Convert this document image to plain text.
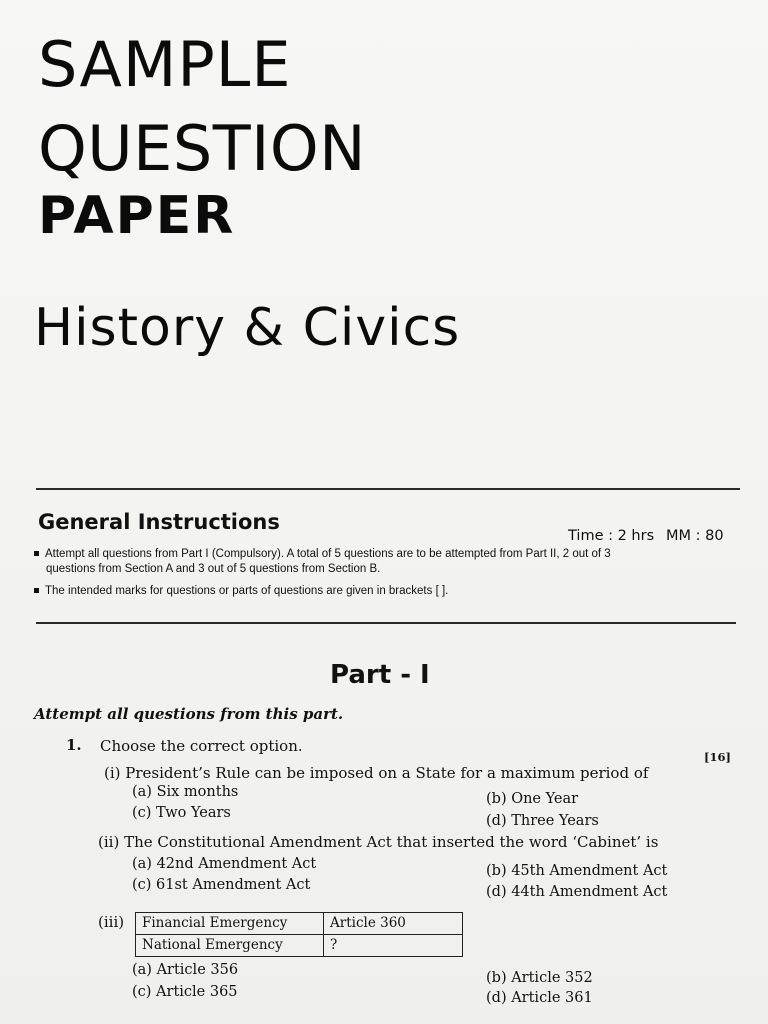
SAMPLE
QUESTION
PAPER
History & Civics
General Instructions
Time : 2 hrs MM : 80
Attempt all questions from Part I (Compulsory). A total of 5 questions are to be attempted from Part II, 2 out of 3
questions from Section A and 3 out of 5 questions from Section B.
The intended marks for questions or parts of questions are given in brackets [ ].
Part - I
Attempt all questions from this part.
1. Choose the correct option.
[16]
(i) President’s Rule can be imposed on a State for a maximum period of
(a) Six months	(b) One Year
(c) Two Years	(d) Three Years
(ii) The Constitutional Amendment Act that inserted the word ‘Cabinet’ is
(a) 42nd Amendment Act	(b) 45th Amendment Act
(c) 61st Amendment Act	(d) 44th Amendment Act
(iii) Financial Emergency	Article 360
National Emergency	?
(a) Article 356	(b) Article 352
(c) Article 365	(d) Article 361
